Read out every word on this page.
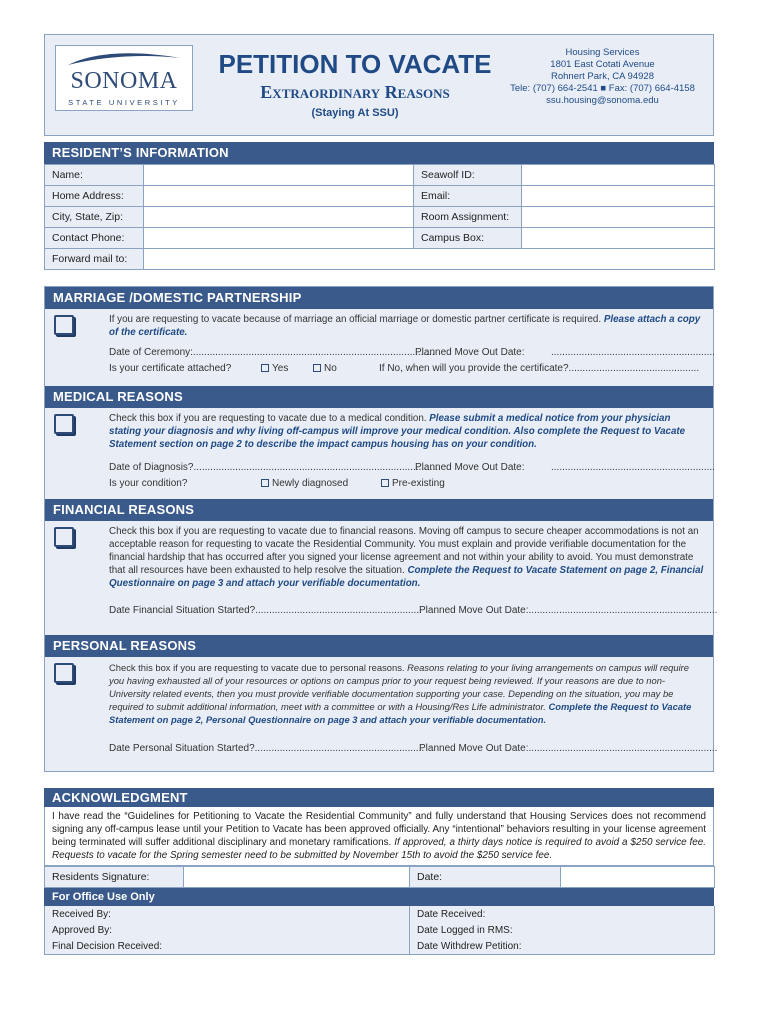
SONOMA
STATE UNIVERSITY
PETITION TO VACATE
Extraordinary Reasons
(Staying At SSU)
Housing Services
1801 East Cotati Avenue
Rohnert Park, CA 94928
Tele: (707) 664-2541 ■ Fax: (707) 664-4158
ssu.housing@sonoma.edu
RESIDENT’S INFORMATION
Name:		Seawolf ID:	
Home Address:		Email:	
City, State, Zip:		Room Assignment:	
Contact Phone:		Campus Box:	
Forward mail to:			
MARRIAGE /DOMESTIC PARTNERSHIP
If you are requesting to vacate because of marriage an official marriage or domestic partner certificate is required. Please attach a copy of the certificate.
Date of Ceremony:.......................................................................................
Planned Move Out Date:	...........................................................
Is your certificate attached?	Yes	No	If No, when will you provide the certificate?...............................................
MEDICAL REASONS
Check this box if you are requesting to vacate due to a medical condition. Please submit a medical notice from your physician stating your diagnosis and why living off-campus will improve your medical condition. Also complete the Request to Vacate Statement section on page 2 to describe the impact campus housing has on your condition.
Date of Diagnosis?.........................................................................................
Planned Move Out Date:	...........................................................
Is your condition?	Newly diagnosed	Pre-existing
FINANCIAL REASONS
Check this box if you are requesting to vacate due to financial reasons. Moving off campus to secure cheaper accommodations is not an acceptable reason for requesting to vacate the Residential Community. You must explain and provide verifiable documentation for the financial hardship that has occurred after you signed your license agreement and not within your ability to avoid. You must demonstrate that all resources have been exhausted to help resolve the situation. Complete the Request to Vacate Statement on page 2, Financial Questionnaire on page 3 and attach your verifiable documentation.
Date Financial Situation Started?............................................................
Planned Move Out Date:....................................................................
PERSONAL REASONS
Check this box if you are requesting to vacate due to personal reasons. Reasons relating to your living arrangements on campus will require you having exhausted all of your resources or options on campus prior to your request being reviewed. If your reasons are due to non-University related events, then you must provide verifiable documentation supporting your case. Depending on the situation, you may be required to submit additional information, meet with a committee or with a Housing/Res Life administrator. Complete the Request to Vacate Statement on page 2, Personal Questionnaire on page 3 and attach your verifiable documentation.
Date Personal Situation Started?.............................................................
Planned Move Out Date:....................................................................
ACKNOWLEDGMENT
I have read the “Guidelines for Petitioning to Vacate the Residential Community” and fully understand that Housing Services does not recommend signing any off-campus lease until your Petition to Vacate has been approved officially. Any “intentional” behaviors resulting in your license agreement being terminated will suffer additional disciplinary and monetary ramifications. If approved, a thirty days notice is required to avoid a $250 service fee. Requests to vacate for the Spring semester need to be submitted by November 15th to avoid the $250 service fee.
Residents Signature:		Date:	
For Office Use Only
Received By:	Date Received:
Approved By:	Date Logged in RMS:
Final Decision Received:	Date Withdrew Petition:
